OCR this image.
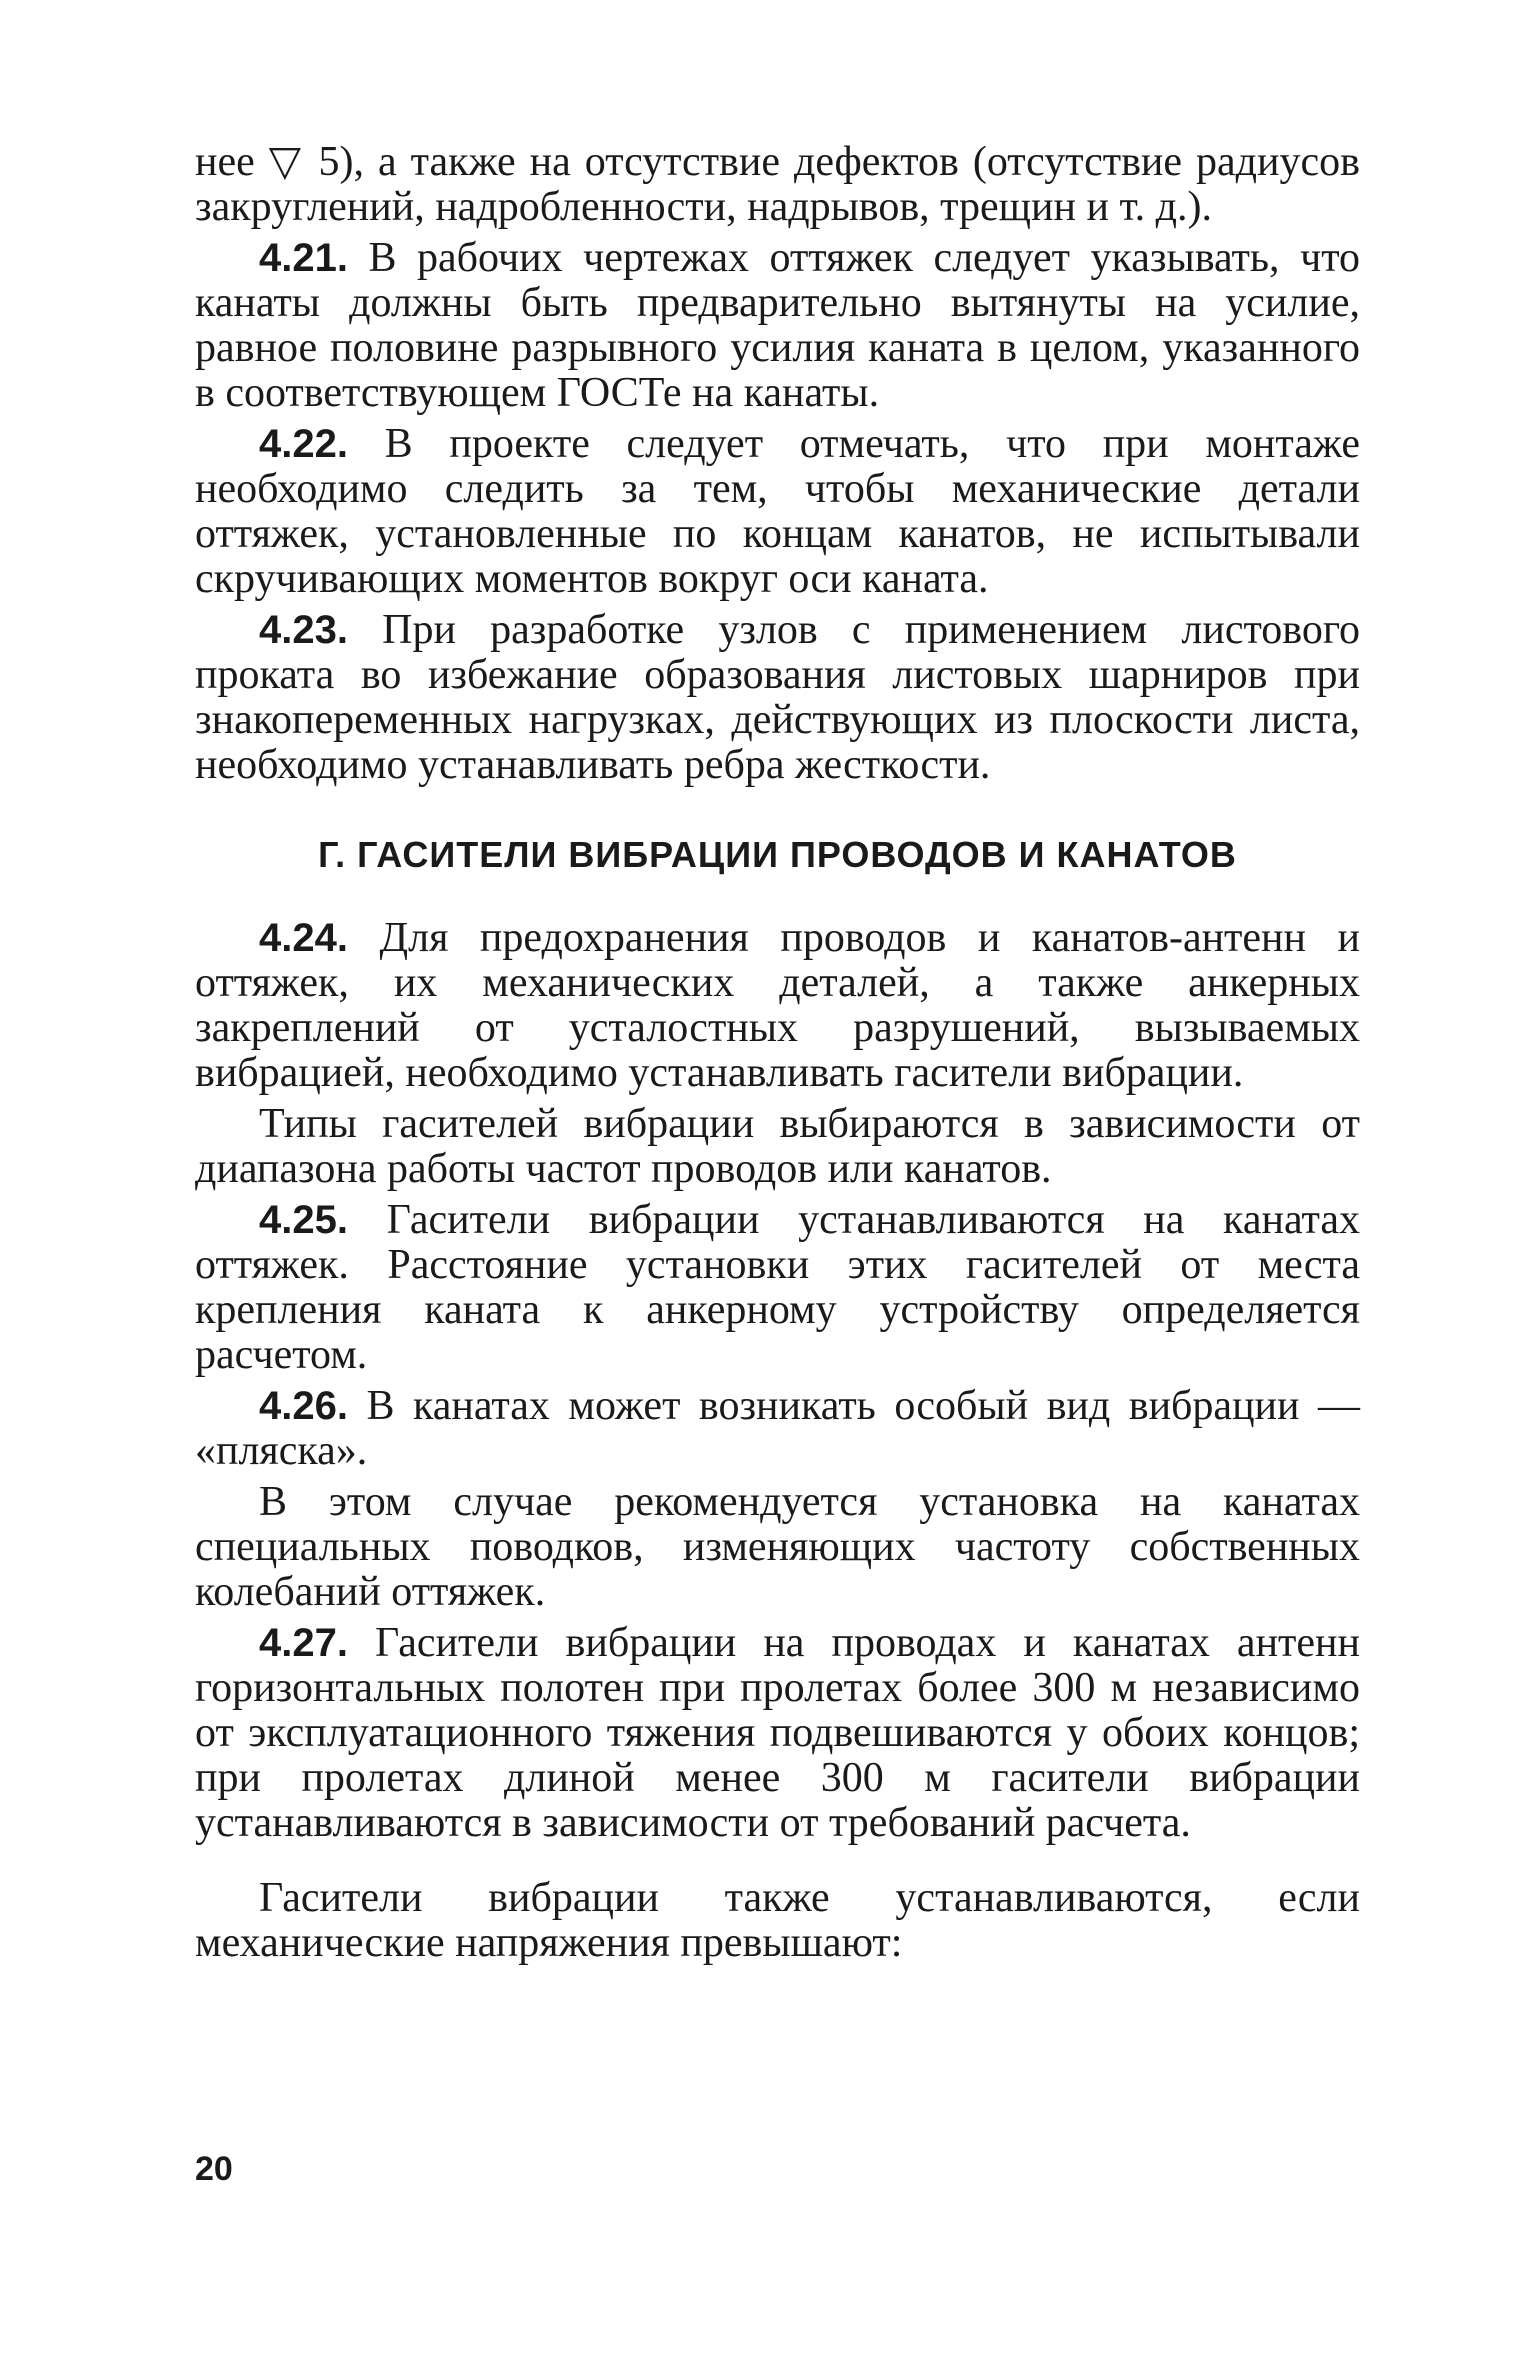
нее ▽ 5), а также на отсутствие дефектов (отсутствие радиусов закруглений, надробленности, надрывов, трещин и т. д.).

4.21. В рабочих чертежах оттяжек следует указывать, что канаты должны быть предварительно вытянуты на усилие, равное половине разрывного усилия каната в целом, указанного в соответствующем ГОСТе на канаты.

4.22. В проекте следует отмечать, что при монтаже необходимо следить за тем, чтобы механические детали оттяжек, установленные по концам канатов, не испытывали скручивающих моментов вокруг оси каната.

4.23. При разработке узлов с применением листового проката во избежание образования листовых шарниров при знакопеременных нагрузках, действующих из плоскости листа, необходимо устанавливать ребра жесткости.

Г. ГАСИТЕЛИ ВИБРАЦИИ ПРОВОДОВ И КАНАТОВ

4.24. Для предохранения проводов и канатов-антенн и оттяжек, их механических деталей, а также анкерных закреплений от усталостных разрушений, вызываемых вибрацией, необходимо устанавливать гасители вибрации.

Типы гасителей вибрации выбираются в зависимости от диапазона работы частот проводов или канатов.

4.25. Гасители вибрации устанавливаются на канатах оттяжек. Расстояние установки этих гасителей от места крепления каната к анкерному устройству определяется расчетом.

4.26. В канатах может возникать особый вид вибрации — «пляска».

В этом случае рекомендуется установка на канатах специальных поводков, изменяющих частоту собственных колебаний оттяжек.

4.27. Гасители вибрации на проводах и канатах антенн горизонтальных полотен при пролетах более 300 м независимо от эксплуатационного тяжения подвешиваются у обоих концов; при пролетах длиной менее 300 м гасители вибрации устанавливаются в зависимости от требований расчета.

Гасители вибрации также устанавливаются, если механические напряжения превышают:

20
